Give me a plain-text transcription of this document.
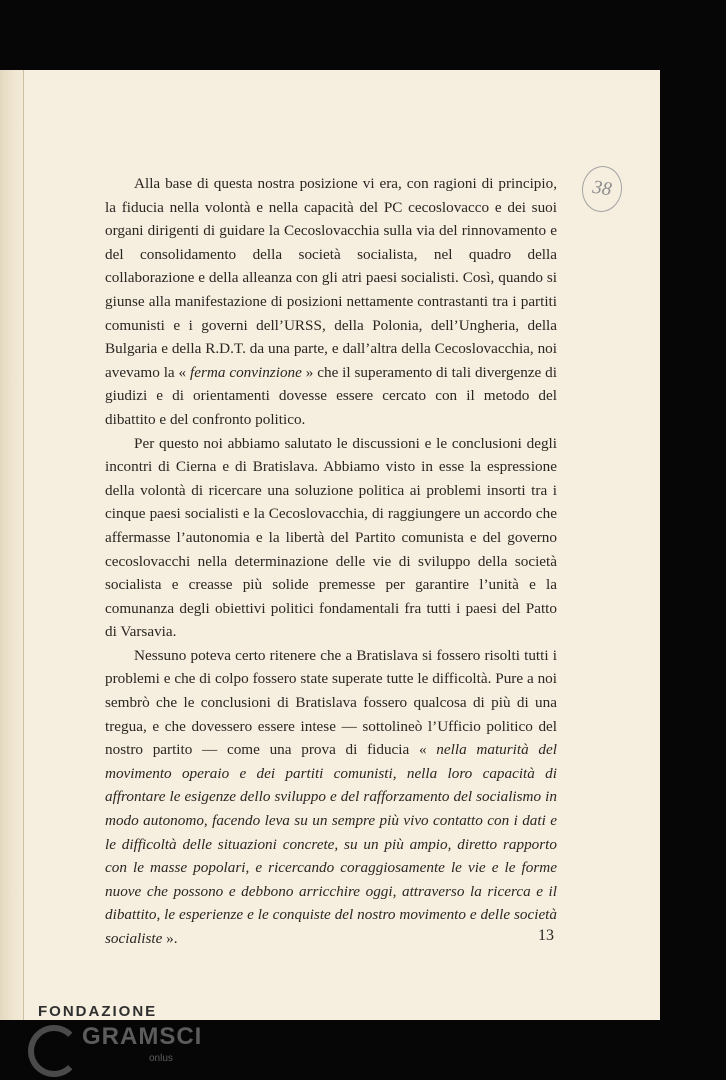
38

Alla base di questa nostra posizione vi era, con ragioni di principio, la fiducia nella volontà e nella capacità del PC cecoslovacco e dei suoi organi dirigenti di guidare la Cecoslovacchia sulla via del rinnovamento e del consolidamento della società socialista, nel quadro della collaborazione e della alleanza con gli atri paesi socialisti. Così, quando si giunse alla manifestazione di posizioni nettamente contrastanti tra i partiti comunisti e i governi dell’URSS, della Polonia, dell’Ungheria, della Bulgaria e della R.D.T. da una parte, e dall’altra della Cecoslovacchia, noi avevamo la « ferma convinzione » che il superamento di tali divergenze di giudizi e di orientamenti dovesse essere cercato con il metodo del dibattito e del confronto politico.

Per questo noi abbiamo salutato le discussioni e le conclusioni degli incontri di Cierna e di Bratislava. Abbiamo visto in esse la espressione della volontà di ricercare una soluzione politica ai problemi insorti tra i cinque paesi socialisti e la Cecoslovacchia, di raggiungere un accordo che affermasse l’autonomia e la libertà del Partito comunista e del governo cecoslovacchi nella determinazione delle vie di sviluppo della società socialista e creasse più solide premesse per garantire l’unità e la comunanza degli obiettivi politici fondamentali fra tutti i paesi del Patto di Varsavia.

Nessuno poteva certo ritenere che a Bratislava si fossero risolti tutti i problemi e che di colpo fossero state superate tutte le difficoltà. Pure a noi sembrò che le conclusioni di Bratislava fossero qualcosa di più di una tregua, e che dovessero essere intese — sottolineò l’Ufficio politico del nostro partito — come una prova di fiducia « nella maturità del movimento operaio e dei partiti comunisti, nella loro capacità di affrontare le esigenze dello sviluppo e del rafforzamento del socialismo in modo autonomo, facendo leva su un sempre più vivo contatto con i dati e le difficoltà delle situazioni concrete, su un più ampio, diretto rapporto con le masse popolari, e ricercando coraggiosamente le vie e le forme nuove che possono e debbono arricchire oggi, attraverso la ricerca e il dibattito, le esperienze e le conquiste del nostro movimento e delle società socialiste ».	13
FONDAZIONE
GRAMSCI
onlus
